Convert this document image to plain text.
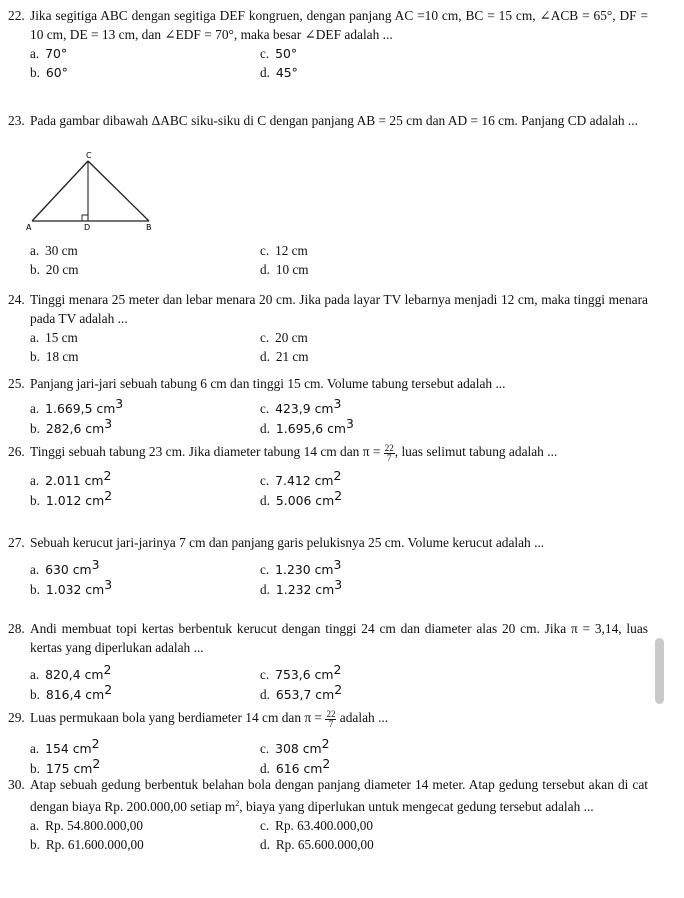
22. Jika segitiga ABC dengan segitiga DEF kongruen, dengan panjang AC =10 cm, BC = 15 cm, ∠ACB = 65°, DF = 10 cm, DE = 13 cm, dan ∠EDF = 70°, maka besar ∠DEF adalah ...
a. 70°	c. 50°
b. 60°	d. 45°
23. Pada gambar dibawah ΔABC siku-siku di C dengan panjang AB = 25 cm dan AD = 16 cm. Panjang CD adalah ...
C
A	D	B
a. 30 cm	c. 12 cm
b. 20 cm	d. 10 cm
24. Tinggi menara 25 meter dan lebar menara 20 cm. Jika pada layar TV lebarnya menjadi 12 cm, maka tinggi menara pada TV adalah ...
a. 15 cm	c. 20 cm
b. 18 cm	d. 21 cm
25. Panjang jari-jari sebuah tabung 6 cm dan tinggi 15 cm. Volume tabung tersebut adalah ...
a. 1.669,5 $cm^3$	c. 423,9 $cm^3$
b. 282,6 $cm^3$	d. 1.695,6 $cm^3$
26. Tinggi sebuah tabung 23 cm. Jika diameter tabung 14 cm dan $\pi = \frac{22}{7}$ , luas selimut tabung adalah ...
a. 2.011 $cm^2$	c. 7.412 $cm^2$
b. 1.012 $cm^2$	d. 5.006 $cm^2$
27. Sebuah kerucut jari-jarinya 7 cm dan panjang garis pelukisnya 25 cm. Volume kerucut adalah ...
a. 630 $cm^3$	c. 1.230 $cm^3$
b. 1.032 $cm^3$	d. 1.232 $cm^3$
28. Andi membuat topi kertas berbentuk kerucut dengan tinggi 24 cm dan diameter alas 20 cm. Jika π = 3,14, luas kertas yang diperlukan adalah ...
a. 820,4 $cm^2$	c. 753,6 $cm^2$
b. 816,4 $cm^2$	d. 653,7 $cm^2$
29. Luas permukaan bola yang berdiameter 14 cm dan $\pi = \frac{22}{7}$ adalah ...
a. 154 $cm^2$	c. 308 $cm^2$
b. 175 $cm^2$	d. 616 $cm^2$
30. Atap sebuah gedung berbentuk belahan bola dengan panjang diameter 14 meter. Atap gedung tersebut akan di cat dengan biaya Rp. 200.000,00 setiap $m^2$, biaya yang diperlukan untuk mengecat gedung tersebut adalah ...
a. Rp. 54.800.000,00	c. Rp. 63.400.000,00
b. Rp. 61.600.000,00	d. Rp. 65.600.000,00
